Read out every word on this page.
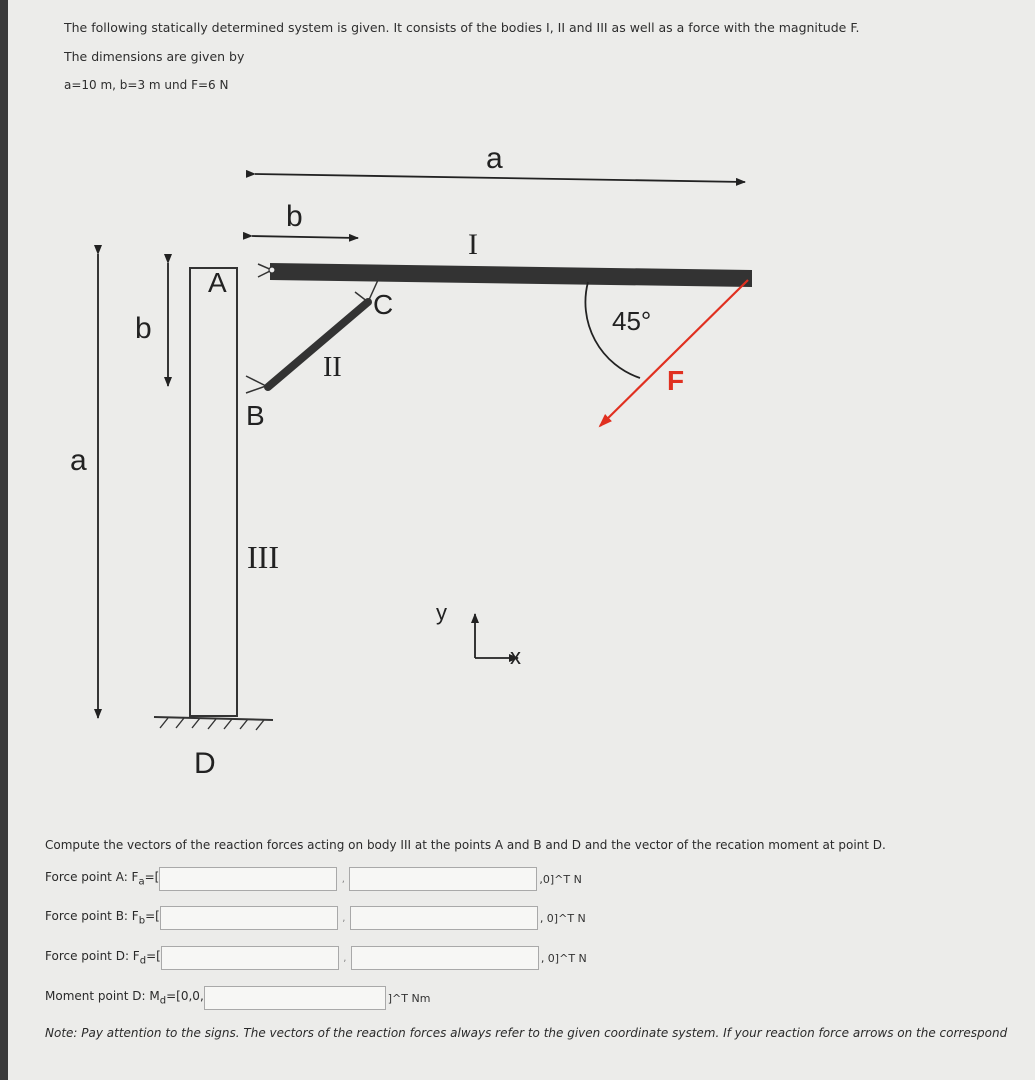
The following statically determined system is given. It consists of the bodies I, II and III as well as a force with the magnitude F.

The dimensions are given by

a=10 m, b=3 m und F=6 N

a
b
I
A
II
B
C
III
b
a
D
45°
F
y
x

Compute the vectors of the reaction forces acting on body III at the points A and B and D and the vector of the recation moment at point D.

Force point A: $F_a=$[	,	,0]^T N
Force point B: $F_b=$[	,	, 0]^T N
Force point D: $F_d=$[	,	, 0]^T N
Moment point D: $M_d=[0,0$,	]^T Nm
Note: Pay attention to the signs. The vectors of the reaction forces always refer to the given coordinate system. If your reaction force arrows on the correspond
